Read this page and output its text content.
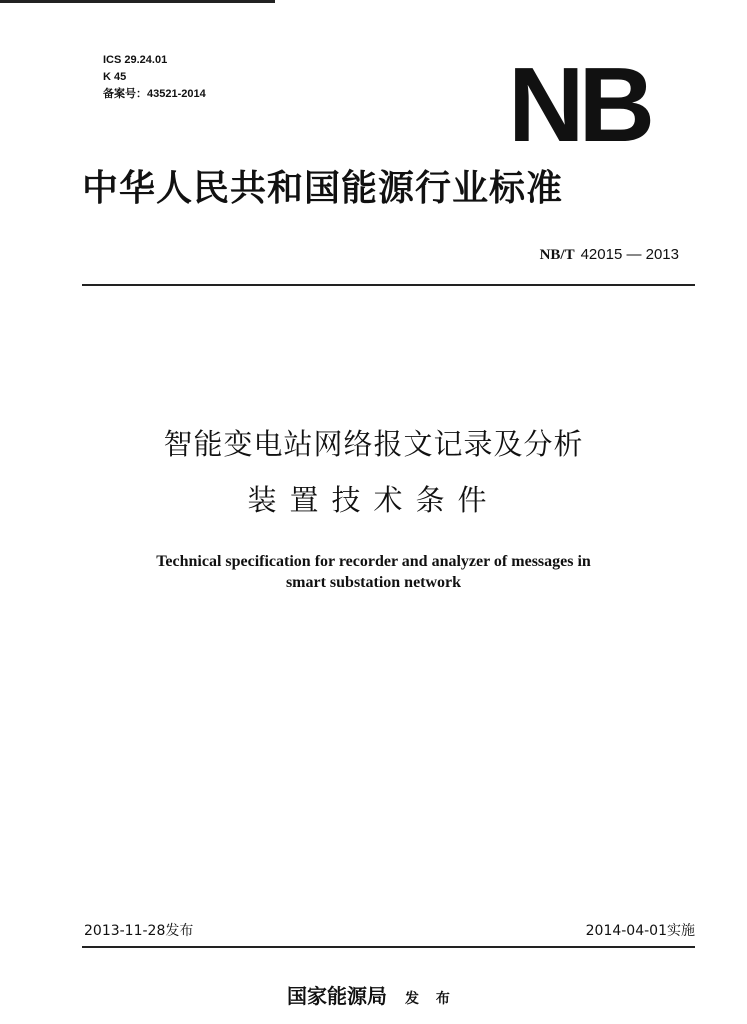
ICS 29.24.01
K 45
备案号：43521-2014	NB
中华人民共和国能源行业标准
NB/T 42015 — 2013
智能变电站网络报文记录及分析
装置技术条件
Technical specification for recorder and analyzer of messages in
smart substation network
2013-11-28发布	2014-04-01实施
国家能源局 发 布
